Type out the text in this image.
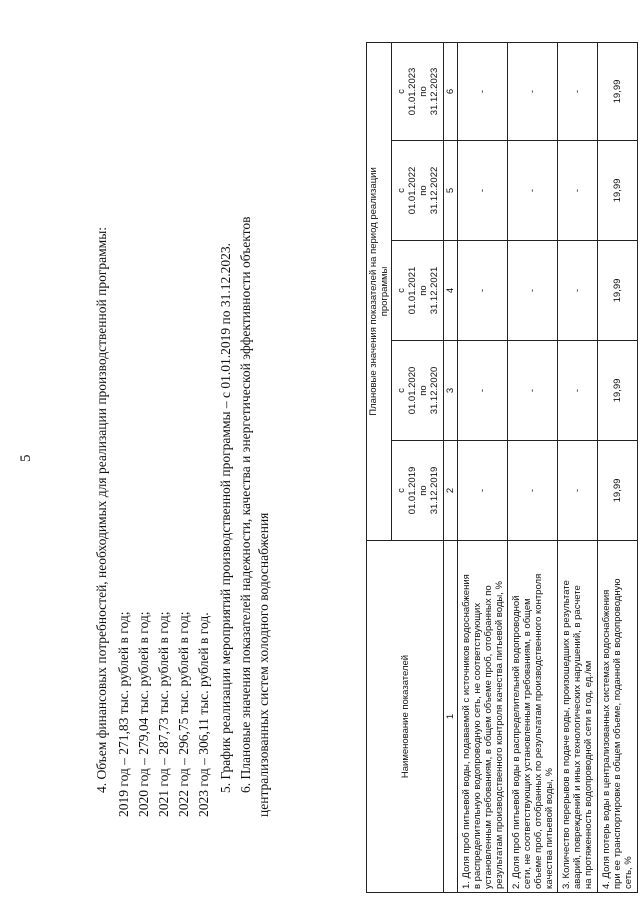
5	4. Объем финансовых потребностей, необходимых для реализации производственной программы: 2019 год – 271,83 тыс. рублей в год; 2020 год – 279,04 тыс. рублей в год; 2021 год – 287,73 тыс. рублей в год; 2022 год – 296,75 тыс. рублей в год; 2023 год – 306,11 тыс. рублей в год. 5. График реализации мероприятий производственной программы – с 01.01.2019 по 31.12.2023. 6. Плановые значения показателей надежности, качества и энергетической эффективности объектов централизованных систем холодного водоснабжения	Наименование показателей	Плановые значения показателей на период реализации
программы				
	с
01.01.2019
по
31.12.2019	с
01.01.2020
по
31.12.2020	с
01.01.2021
по
31.12.2021	с
01.01.2022
по
31.12.2022	с
01.01.2023
по
31.12.2023
1	2	3	4	5	6
1. Доля проб питьевой воды, подаваемой с источников водоснабжения
в распределительную водопроводную сеть, не соответствующих
установленным требованиям, в общем объеме проб, отобранных по
результатам производственного контроля качества питьевой воды, %	-	-	-	-	-
2. Доля проб питьевой воды в распределительной водопроводной
сети, не соответствующих установленным требованиям, в общем
объеме проб, отобранных по результатам производственного контроля
качества питьевой воды, %	-	-	-	-	-
3. Количество перерывов в подаче воды, произошедших в результате
аварий, повреждений и иных технологических нарушений, в расчете
на протяженность водопроводной сети в год, ед./км	-	-	-	-	-
4. Доля потерь воды в централизованных системах водоснабжения
при ее транспортировке в общем объеме, поданной в водопроводную
сеть, %	19,99	19,99	19,99	19,99	19,99
